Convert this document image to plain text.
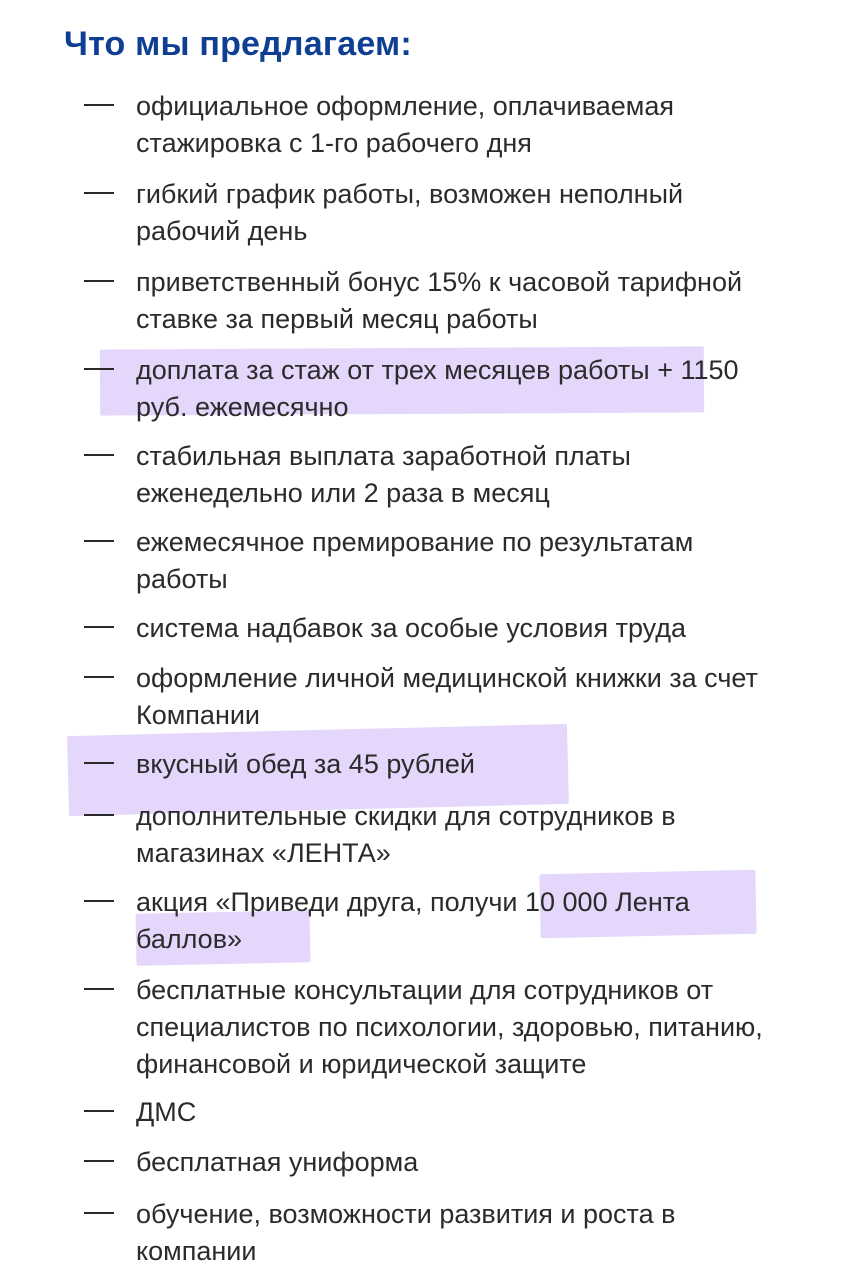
Что мы предлагаем:
официальное оформление, оплачиваемая стажировка с 1-го рабочего дня
гибкий график работы, возможен неполный рабочий день
приветственный бонус 15% к часовой тарифной ставке за первый месяц работы
доплата за стаж от трех месяцев работы + 1150 руб. ежемесячно
стабильная выплата заработной платы еженедельно или 2 раза в месяц
ежемесячное премирование по результатам работы
система надбавок за особые условия труда
оформление личной медицинской книжки за счет Компании
вкусный обед за 45 рублей
дополнительные скидки для сотрудников в магазинах «ЛЕНТА»
акция «Приведи друга, получи 10 000 Лента баллов»
бесплатные консультации для сотрудников от специалистов по психологии, здоровью, питанию, финансовой и юридической защите
ДМС
бесплатная униформа
обучение, возможности развития и роста в компании
